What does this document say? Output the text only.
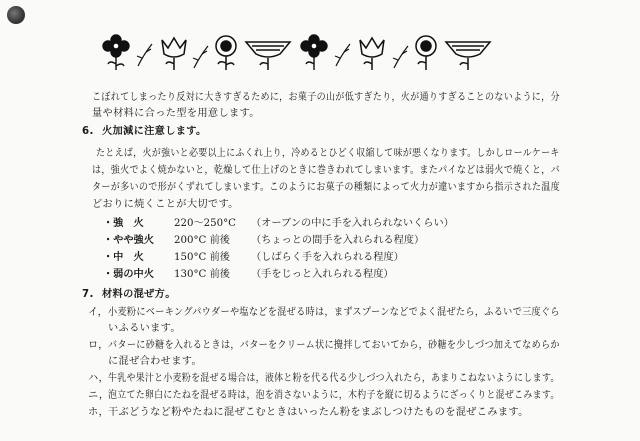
こぼれてしまったり反対に大きすぎるために，お菓子の山が低すぎたり，火が通りすぎることのないように，分
量や材料に合った型を用意します。
6. 火加減に注意します。
たとえば，火が強いと必要以上にふくれ上り，冷めるとひどく収縮して味が悪くなります。しかしロールケーキ
は，強火でよく焼かないと，乾燥して仕上げのときに巻きわれてしまいます。またパイなどは弱火で焼くと，バ
ターが多いので形がくずれてしまいます。このようにお菓子の種類によって火力が違いますから指示された温度
どおりに焼くことが大切です。
・強　火	220～250°C （オーブンの中に手を入れられないくらい）
・やや強火 200°C 前後 （ちょっとの間手を入れられる程度）
・中　火	150°C 前後 （しばらく手を入れられる程度）
・弱の中火 130°C 前後 （手をじっと入れられる程度）
7. 材料の混ぜ方。
イ， 小麦粉にベーキングパウダーや塩などを混ぜる時は，まずスプーンなどでよく混ぜたら，ふるいで三度ぐら
いふるいます。
ロ， バターに砂糖を入れるときは，バターをクリーム状に攪拌しておいてから，砂糖を少しづつ加えてなめらか
に混ぜ合わせます。
ハ，
牛乳や果汁と小麦粉を混ぜる場合は，液体と粉を代る代る少しづつ入れたら，あまりこねないようにします。
ニ，
泡立てた卵白にたねを混ぜる時は，泡を消さないように，木杓子を縦に切るようにざっくりと混ぜこみます。
ホ，
干ぶどうなど粉やたねに混ぜこむときはいったん粉をまぶしつけたものを混ぜこみます。
